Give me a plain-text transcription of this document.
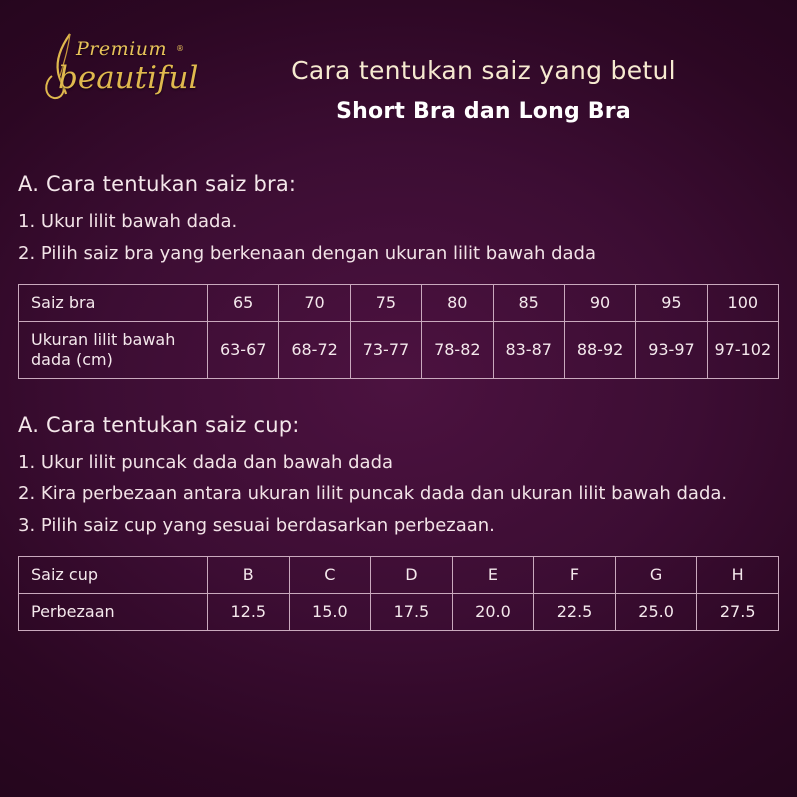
Premium ®
beautiful	Cara tentukan saiz yang betul
Short Bra dan Long Bra
A. Cara tentukan saiz bra:

1. Ukur lilit bawah dada.

2. Pilih saiz bra yang berkenaan dengan ukuran lilit bawah dada

Saiz bra	65	70	75	80	85	90	95	100
Ukuran lilit bawah dada (cm)	63-67	68-72	73-77	78-82	83-87	88-92	93-97	97-102
A. Cara tentukan saiz cup:

1. Ukur lilit puncak dada dan bawah dada

2. Kira perbezaan antara ukuran lilit puncak dada dan ukuran lilit bawah dada.

3. Pilih saiz cup yang sesuai berdasarkan perbezaan.

Saiz cup	B	C	D	E	F	G	H
Perbezaan	12.5	15.0	17.5	20.0	22.5	25.0	27.5
